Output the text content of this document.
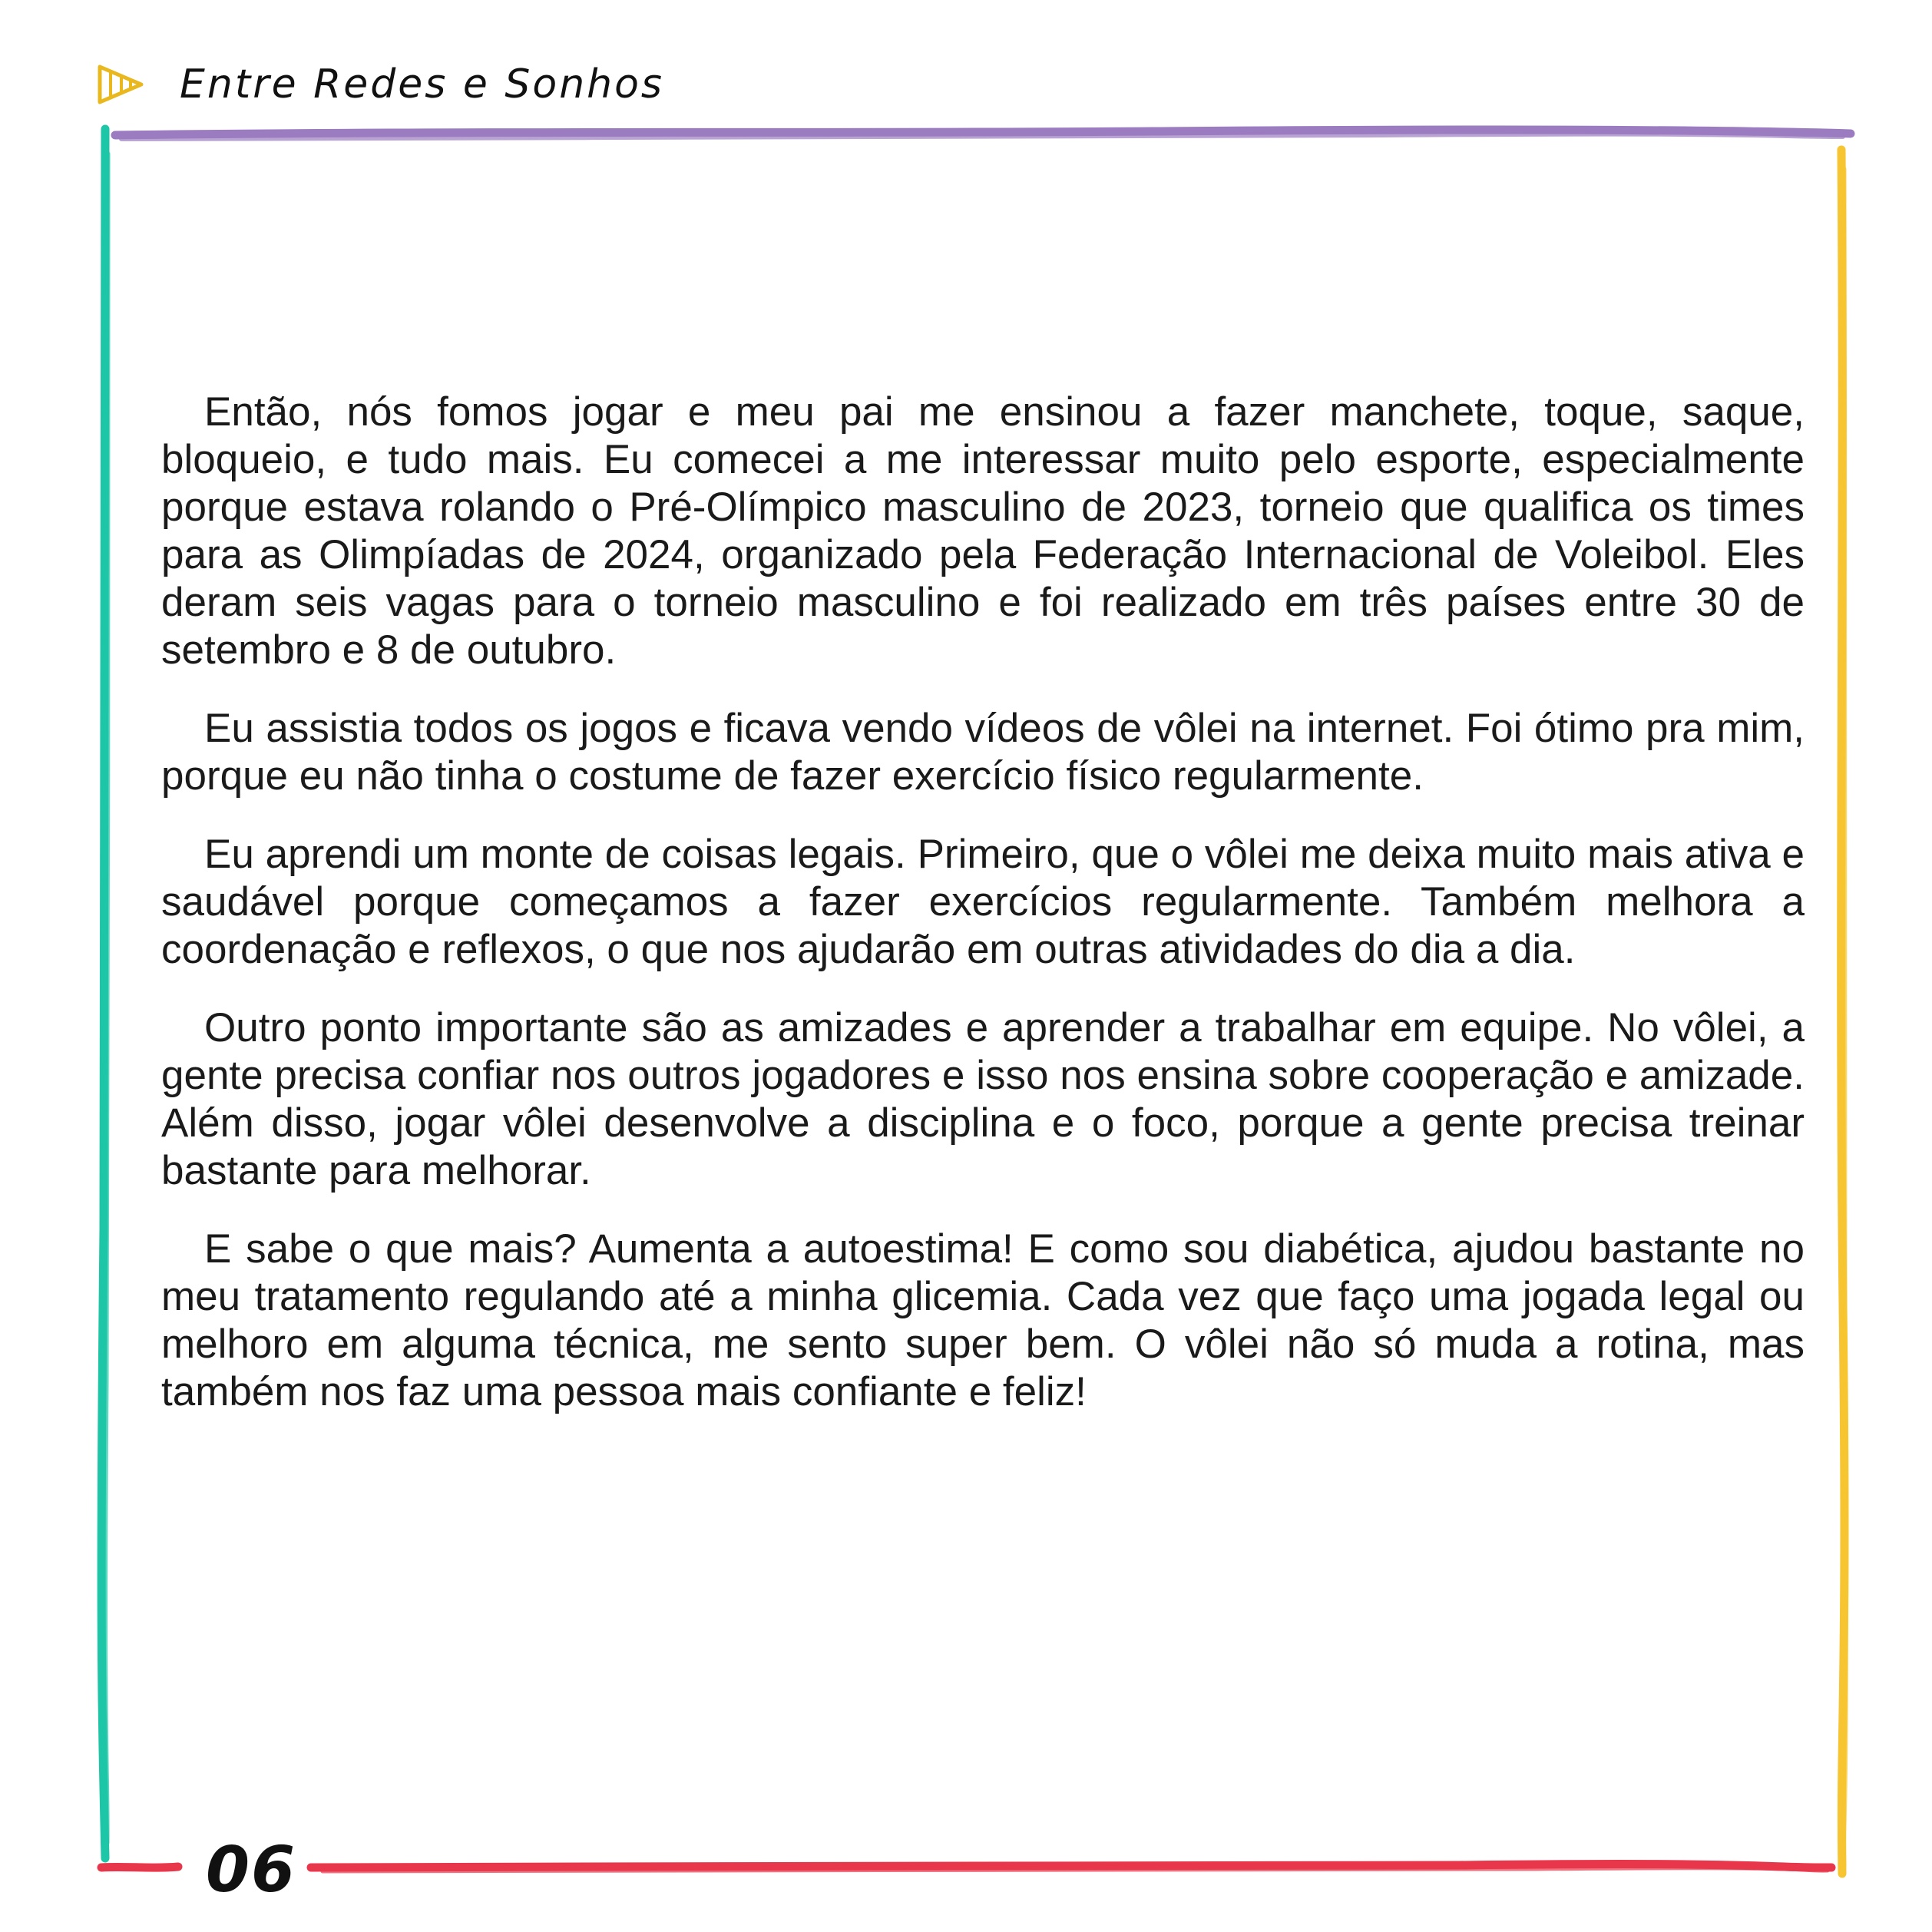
Entre Redes e Sonhos

Então, nós fomos jogar e meu pai me ensinou a fazer manchete, toque, saque, bloqueio, e tudo mais. Eu comecei a me interessar muito pelo esporte, especialmente porque estava rolando o Pré-Olímpico masculino de 2023, torneio que qualifica os times para as Olimpíadas de 2024, organizado pela Federação Internacional de Voleibol. Eles deram seis vagas para o torneio masculino e foi realizado em três países entre 30 de setembro e 8 de outubro.

Eu assistia todos os jogos e ficava vendo vídeos de vôlei na internet. Foi ótimo pra mim, porque eu não tinha o costume de fazer exercício físico regularmente.

Eu aprendi um monte de coisas legais. Primeiro, que o vôlei me deixa muito mais ativa e saudável porque começamos a fazer exercícios regularmente. Também melhora a coordenação e reflexos, o que nos ajudarão em outras atividades do dia a dia.

Outro ponto importante são as amizades e aprender a trabalhar em equipe. No vôlei, a gente precisa confiar nos outros jogadores e isso nos ensina sobre cooperação e amizade. Além disso, jogar vôlei desenvolve a disciplina e o foco, porque a gente precisa treinar bastante para melhorar.

E sabe o que mais? Aumenta a autoestima! E como sou diabética, ajudou bastante no meu tratamento regulando até a minha glicemia. Cada vez que faço uma jogada legal ou melhoro em alguma técnica, me sento super bem. O vôlei não só muda a rotina, mas também nos faz uma pessoa mais confiante e feliz!

06
